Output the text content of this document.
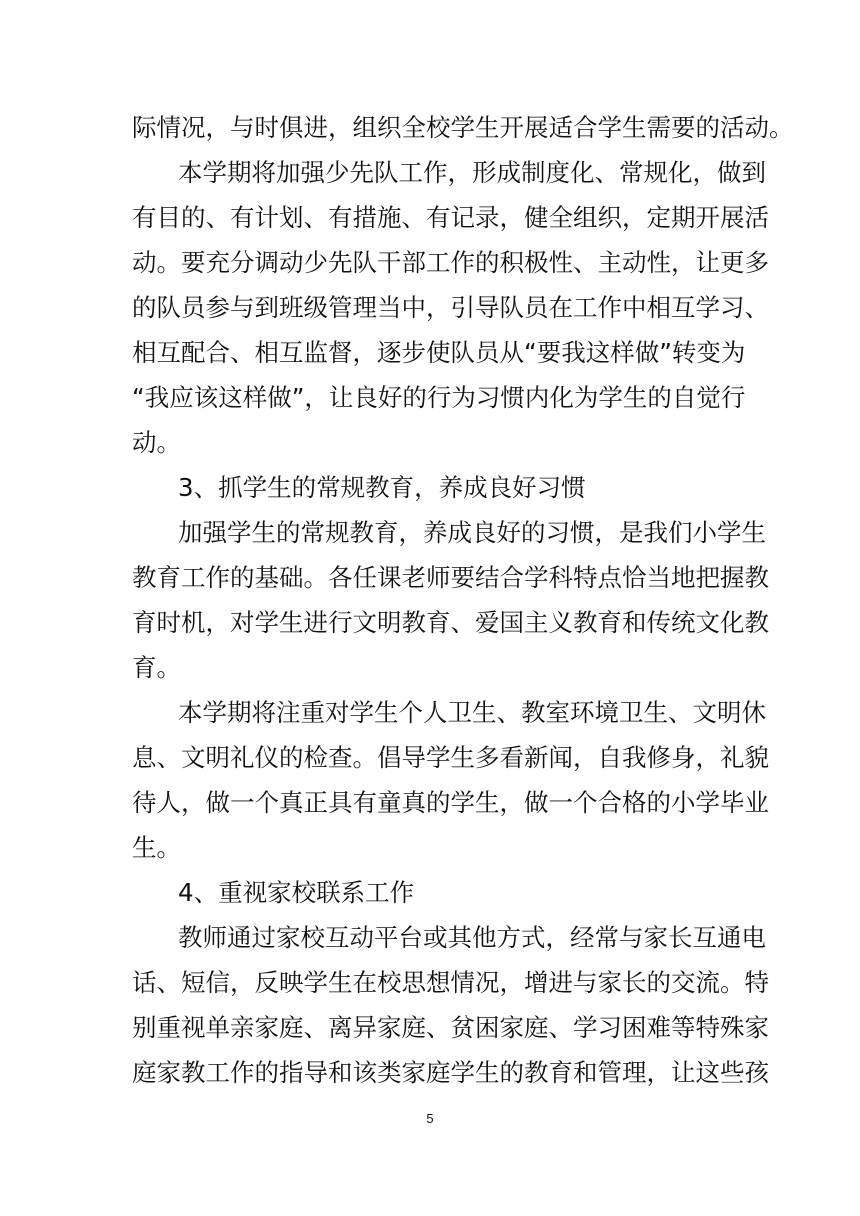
际情况，与时俱进，组织全校学生开展适合学生需要的活动。
本学期将加强少先队工作，形成制度化、常规化，做到
有目的、有计划、有措施、有记录，健全组织，定期开展活
动。要充分调动少先队干部工作的积极性、主动性，让更多
的队员参与到班级管理当中，引导队员在工作中相互学习、
相互配合、相互监督，逐步使队员从“要我这样做”转变为
“我应该这样做”，让良好的行为习惯内化为学生的自觉行
动。
3、抓学生的常规教育，养成良好习惯
加强学生的常规教育，养成良好的习惯，是我们小学生
教育工作的基础。各任课老师要结合学科特点恰当地把握教
育时机，对学生进行文明教育、爱国主义教育和传统文化教
育。
本学期将注重对学生个人卫生、教室环境卫生、文明休
息、文明礼仪的检查。倡导学生多看新闻，自我修身，礼貌
待人，做一个真正具有童真的学生，做一个合格的小学毕业
生。
4、重视家校联系工作
教师通过家校互动平台或其他方式，经常与家长互通电
话、短信，反映学生在校思想情况，增进与家长的交流。特
别重视单亲家庭、离异家庭、贫困家庭、学习困难等特殊家
庭家教工作的指导和该类家庭学生的教育和管理，让这些孩
5
